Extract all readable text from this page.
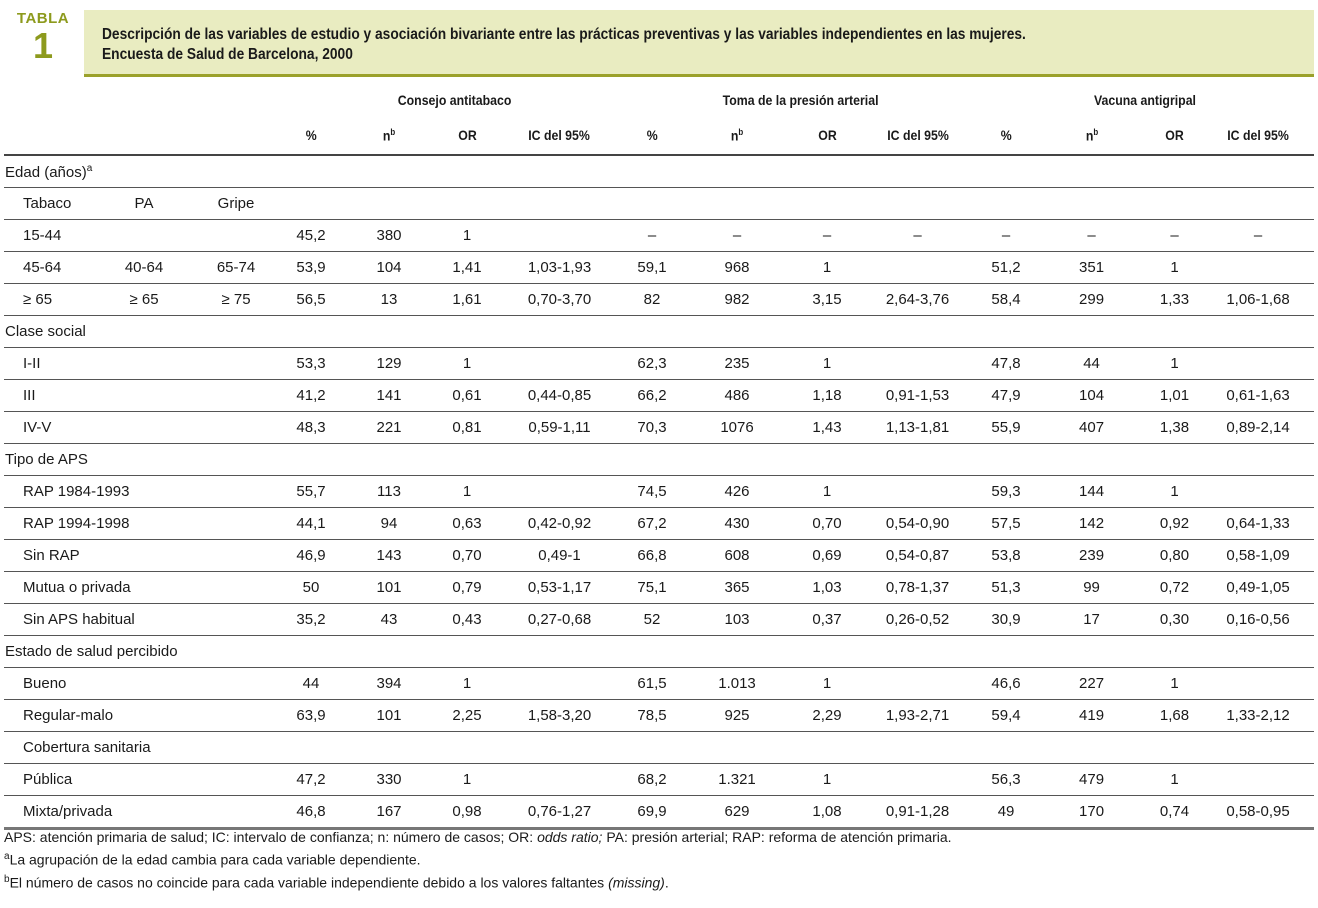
TABLA
1	Descripción de las variables de estudio y asociación bivariante entre las prácticas preventivas y las variables independientes en las mujeres.
Encuesta de Salud de Barcelona, 2000
			Consejo antitabaco				Toma de la presión arterial				Vacuna antigripal			
			%	$n^b$	OR	IC del 95%	%	$n^b$	OR	IC del 95%	%	$n^b$	OR	IC del 95%
Edad (años)$^a$
Tabaco	PA	Gripe												
15-44			45,2	380	1		–	–	–	–	–	–	–	–
45-64	40-64	65-74	53,9	104	1,41	1,03-1,93	59,1	968	1		51,2	351	1	
≥ 65	≥ 65	≥ 75	56,5	13	1,61	0,70-3,70	82	982	3,15	2,64-3,76	58,4	299	1,33	1,06-1,68
Clase social														
I-II			53,3	129	1		62,3	235	1		47,8	44	1	
III			41,2	141	0,61	0,44-0,85	66,2	486	1,18	0,91-1,53	47,9	104	1,01	0,61-1,63
IV-V			48,3	221	0,81	0,59-1,11	70,3	1076	1,43	1,13-1,81	55,9	407	1,38	0,89-2,14
Tipo de APS														
RAP 1984-1993			55,7	113	1		74,5	426	1		59,3	144	1	
RAP 1994-1998			44,1	94	0,63	0,42-0,92	67,2	430	0,70	0,54-0,90	57,5	142	0,92	0,64-1,33
Sin RAP			46,9	143	0,70	0,49-1	66,8	608	0,69	0,54-0,87	53,8	239	0,80	0,58-1,09
Mutua o privada			50	101	0,79	0,53-1,17	75,1	365	1,03	0,78-1,37	51,3	99	0,72	0,49-1,05
Sin APS habitual			35,2	43	0,43	0,27-0,68	52	103	0,37	0,26-0,52	30,9	17	0,30	0,16-0,56
Estado de salud percibido														
Bueno			44	394	1		61,5	1.013	1		46,6	227	1	
Regular-malo			63,9	101	2,25	1,58-3,20	78,5	925	2,29	1,93-2,71	59,4	419	1,68	1,33-2,12
Cobertura sanitaria														
Pública			47,2	330	1		68,2	1.321	1		56,3	479	1	
Mixta/privada			46,8	167	0,98	0,76-1,27	69,9	629	1,08	0,91-1,28	49	170	0,74	0,58-0,95
APS: atención primaria de salud; IC: intervalo de confianza; n: número de casos; OR: odds ratio; PA: presión arterial; RAP: reforma de atención primaria.
$^a$La agrupación de la edad cambia para cada variable dependiente.
$^b$El número de casos no coincide para cada variable independiente debido a los valores faltantes (missing).
